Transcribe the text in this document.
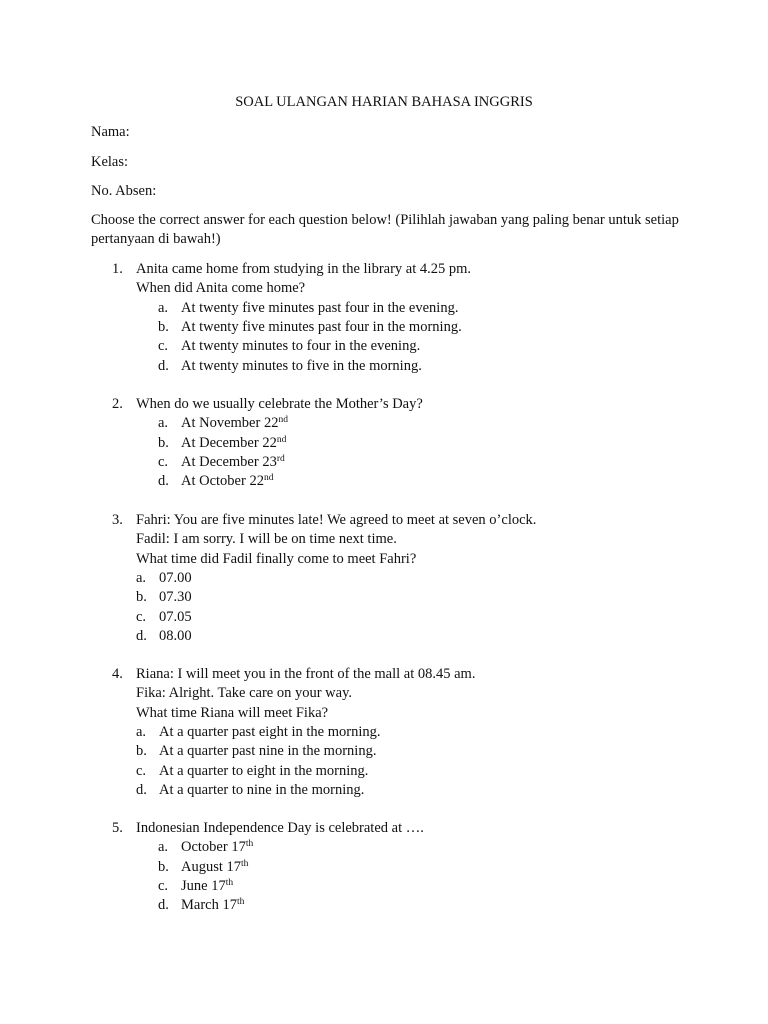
SOAL ULANGAN HARIAN BAHASA INGGRIS
Nama:
Kelas:
No. Absen:
Choose the correct answer for each question below! (Pilihlah jawaban yang paling benar untuk setiap pertanyaan di bawah!)
1. Anita came home from studying in the library at 4.25 pm.
When did Anita come home?
a. At twenty five minutes past four in the evening.
b. At twenty five minutes past four in the morning.
c. At twenty minutes to four in the evening.
d. At twenty minutes to five in the morning.
2. When do we usually celebrate the Mother’s Day?
a. At November 22nd
b. At December 22nd
c. At December 23rd
d. At October 22nd
3. Fahri: You are five minutes late! We agreed to meet at seven o’clock.
Fadil: I am sorry. I will be on time next time.
What time did Fadil finally come to meet Fahri?
a. 07.00
b. 07.30
c. 07.05
d. 08.00
4. Riana: I will meet you in the front of the mall at 08.45 am.
Fika: Alright. Take care on your way.
What time Riana will meet Fika?
a. At a quarter past eight in the morning.
b. At a quarter past nine in the morning.
c. At a quarter to eight in the morning.
d. At a quarter to nine in the morning.
5. Indonesian Independence Day is celebrated at ….
a. October 17th
b. August 17th
c. June 17th
d. March 17th
